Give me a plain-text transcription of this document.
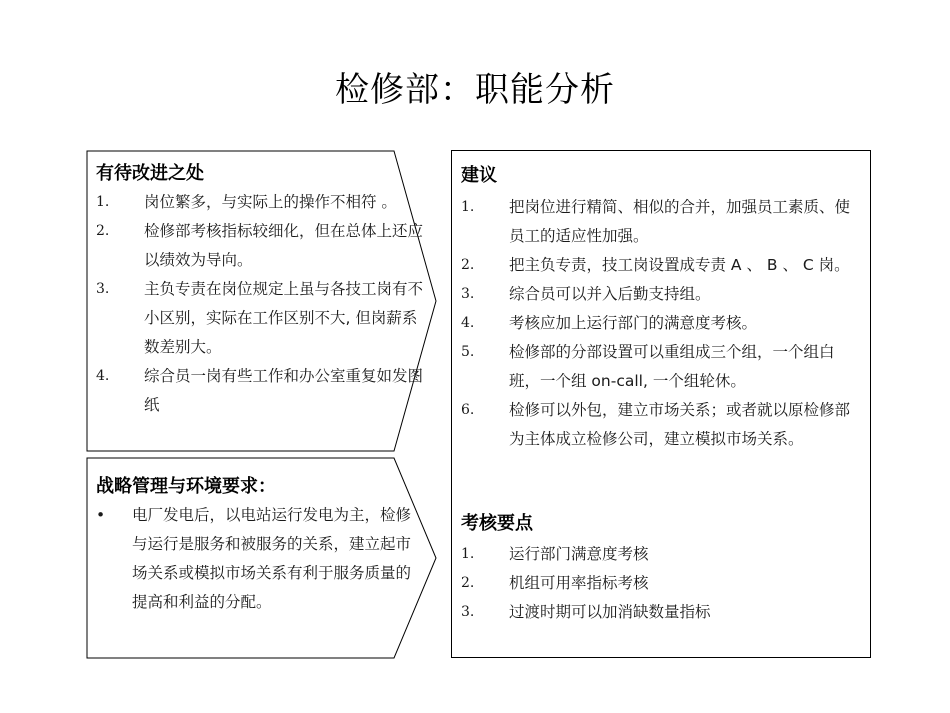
检修部：职能分析
有待改进之处
1. 岗位繁多，与实际上的操作不相符 。
2. 检修部考核指标较细化，但在总体上还应以绩效为导向。
3. 主负专责在岗位规定上虽与各技工岗有不小区别，实际在工作区别不大, 但岗薪系数差别大。
4. 综合员一岗有些工作和办公室重复如发图纸
战略管理与环境要求：
• 电厂发电后，以电站运行发电为主，检修与运行是服务和被服务的关系，建立起市场关系或模拟市场关系有利于服务质量的提高和利益的分配。
建议
1. 把岗位进行精简、相似的合并，加强员工素质、使员工的适应性加强。
2. 把主负专责，技工岗设置成专责 A 、 B 、 C 岗。
3. 综合员可以并入后勤支持组。
4. 考核应加上运行部门的满意度考核。
5. 检修部的分部设置可以重组成三个组，一个组白班，一个组 on-call, 一个组轮休。
6. 检修可以外包，建立市场关系；或者就以原检修部为主体成立检修公司，建立模拟市场关系。
考核要点
1. 运行部门满意度考核
2. 机组可用率指标考核
3. 过渡时期可以加消缺数量指标
